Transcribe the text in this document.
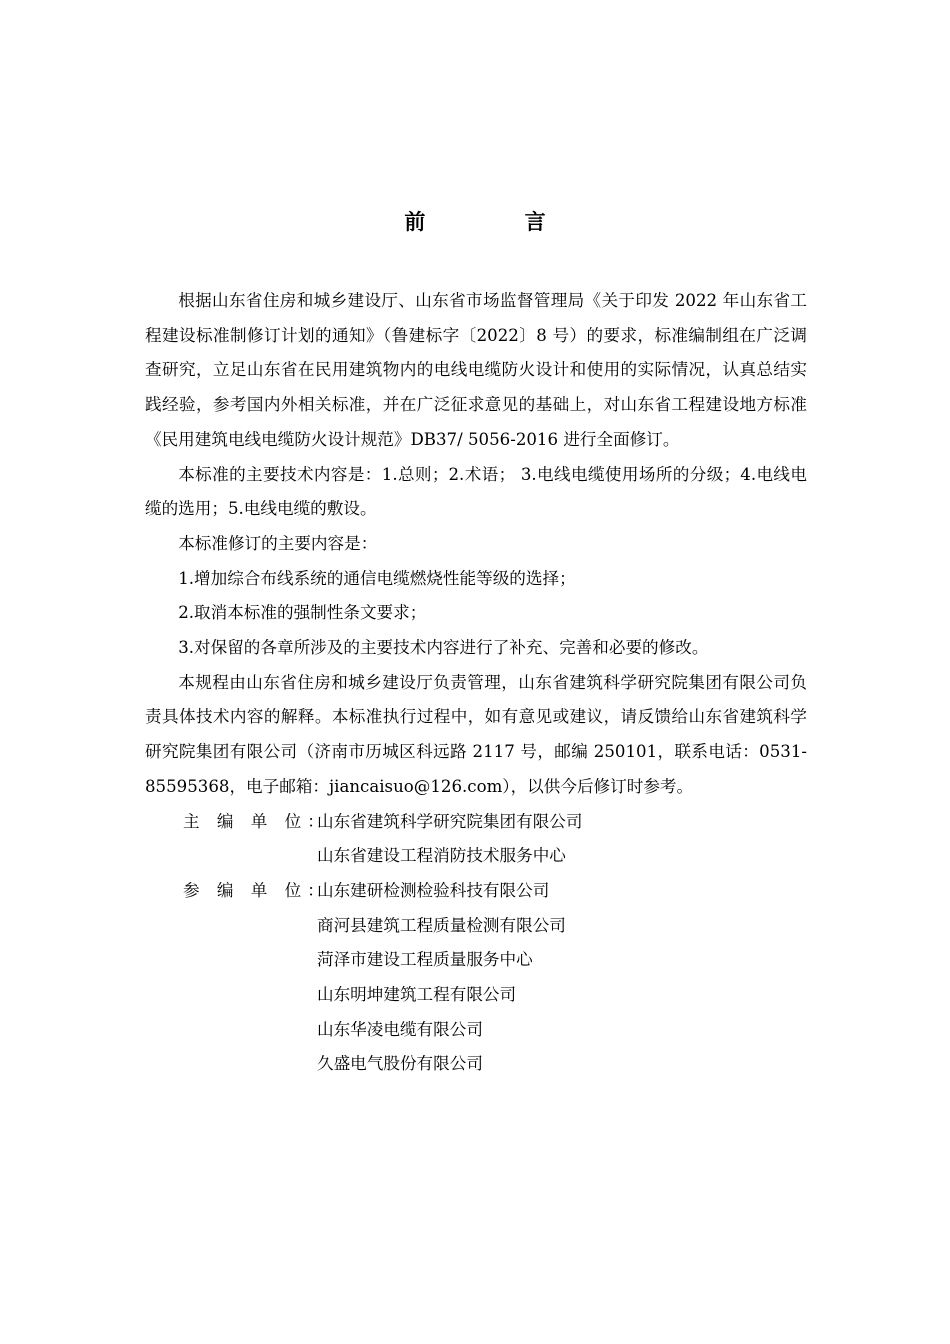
前 言

根据山东省住房和城乡建设厅、山东省市场监督管理局《关于印发 2022 年山东省工程建设标准制修订计划的通知》（鲁建标字〔2022〕8 号）的要求，标准编制组在广泛调查研究，立足山东省在民用建筑物内的电线电缆防火设计和使用的实际情况，认真总结实践经验，参考国内外相关标准，并在广泛征求意见的基础上，对山东省工程建设地方标准《民用建筑电线电缆防火设计规范》DB37/ 5056-2016 进行全面修订。

本标准的主要技术内容是：1.总则；2.术语； 3.电线电缆使用场所的分级；4.电线电缆的选用；5.电线电缆的敷设。

本标准修订的主要内容是：

1.增加综合布线系统的通信电缆燃烧性能等级的选择；

2.取消本标准的强制性条文要求；

3.对保留的各章所涉及的主要技术内容进行了补充、完善和必要的修改。

本规程由山东省住房和城乡建设厅负责管理，山东省建筑科学研究院集团有限公司负责具体技术内容的解释。本标准执行过程中，如有意见或建议，请反馈给山东省建筑科学研究院集团有限公司（济南市历城区科远路 2117 号，邮编 250101，联系电话：0531-85595368，电子邮箱：jiancaisuo@126.com），以供今后修订时参考。

主 编 单 位：
山东省建筑科学研究院集团有限公司
山东省建设工程消防技术服务中心
参 编 单 位：
山东建研检测检验科技有限公司
商河县建筑工程质量检测有限公司
菏泽市建设工程质量服务中心
山东明坤建筑工程有限公司
山东华凌电缆有限公司
久盛电气股份有限公司
